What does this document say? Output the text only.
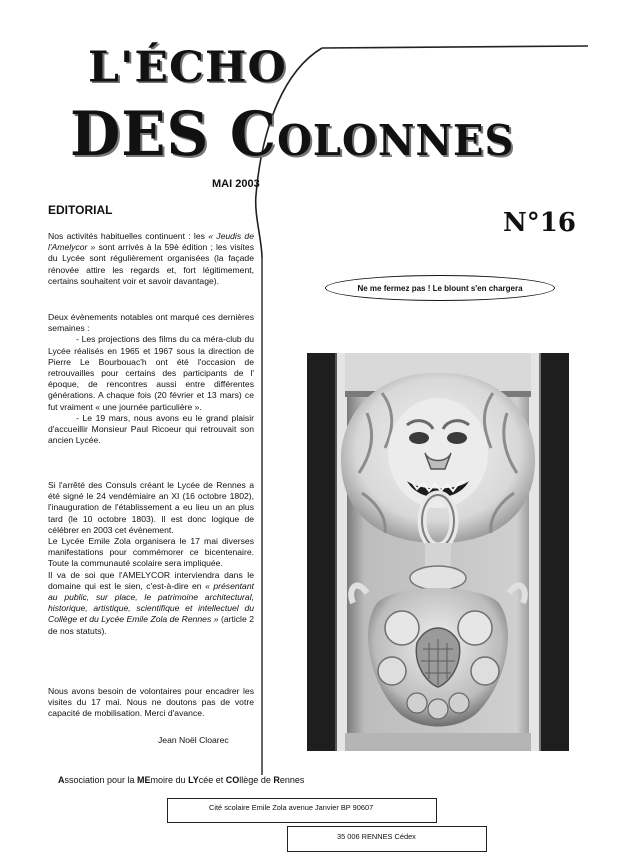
L'ÉCHO
DES COLONNES
MAI 2003
EDITORIAL	N°16
Ne me fermez pas ! Le blount s'en chargera

Nos activités habituelles continuent : les « Jeudis de l'Amelycor » sont arrivés à la 59è édition ; les visites du Lycée sont régulièrement organisées (la façade rénovée attire les regards et, fort légitimement, certains souhaitent voir et savoir davantage).

Deux évènements notables ont marqué ces dernières semaines :

- Les projections des films du ca méra-club du Lycée réalisés en 1965 et 1967 sous la direction de Pierre Le Bourbouac'h ont été l'occasion de retrouvailles pour certains des participants de l' époque, de rencontres aussi entre différentes générations. A chaque fois (20 février et 13 mars) ce fut vraiment « une journée particulière ».

- Le 19 mars, nous avons eu le grand plaisir d'accueillir Monsieur Paul Ricoeur qui retrouvait son ancien Lycée.

Si l'arrêté des Consuls créant le Lycée de Rennes a été signé le 24 vendémiaire an XI (16 octobre 1802), l'inauguration de l'établissement a eu lieu un an plus tard (le 10 octobre 1803). Il est donc logique de célébrer en 2003 cet évènement.

Le Lycée Emile Zola organisera le 17 mai diverses manifestations pour commémorer ce bicentenaire. Toute la communauté scolaire sera impliquée.

Il va de soi que l'AMELYCOR interviendra dans le domaine qui est le sien, c'est-à-dire en « présentant au public, sur place, le patrimoine architectural, historique, artistique, scientifique et intellectuel du Collège et du Lycée Emile Zola de Rennes » (article 2 de nos statuts).

Nous avons besoin de volontaires pour encadrer les visites du 17 mai. Nous ne doutons pas de votre capacité de mobilisation. Merci d'avance.

Jean Noël Cloarec
Association pour la MEmoire du LYcée et COllège de Rennes
Cité scolaire Emile Zola avenue Janvier BP 90607
35 006 RENNES Cédex
